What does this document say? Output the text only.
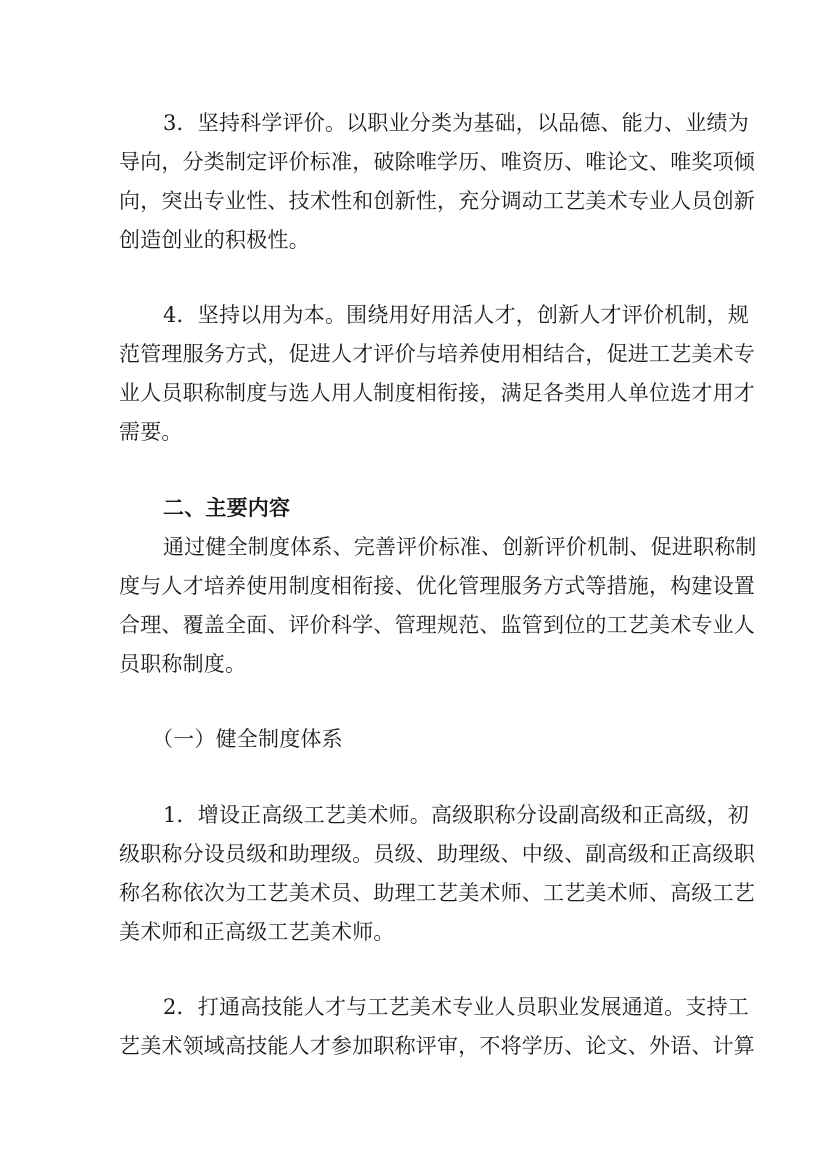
3．坚持科学评价。以职业分类为基础，以品德、能力、业绩为

导向，分类制定评价标准，破除唯学历、唯资历、唯论文、唯奖项倾

向，突出专业性、技术性和创新性，充分调动工艺美术专业人员创新

创造创业的积极性。

4．坚持以用为本。围绕用好用活人才，创新人才评价机制，规

范管理服务方式，促进人才评价与培养使用相结合，促进工艺美术专

业人员职称制度与选人用人制度相衔接，满足各类用人单位选才用才

需要。

二、主要内容

通过健全制度体系、完善评价标准、创新评价机制、促进职称制

度与人才培养使用制度相衔接、优化管理服务方式等措施，构建设置

合理、覆盖全面、评价科学、管理规范、监管到位的工艺美术专业人

员职称制度。

（一）健全制度体系

1．增设正高级工艺美术师。高级职称分设副高级和正高级，初

级职称分设员级和助理级。员级、助理级、中级、副高级和正高级职

称名称依次为工艺美术员、助理工艺美术师、工艺美术师、高级工艺

美术师和正高级工艺美术师。

2．打通高技能人才与工艺美术专业人员职业发展通道。支持工

艺美术领域高技能人才参加职称评审，不将学历、论文、外语、计算
